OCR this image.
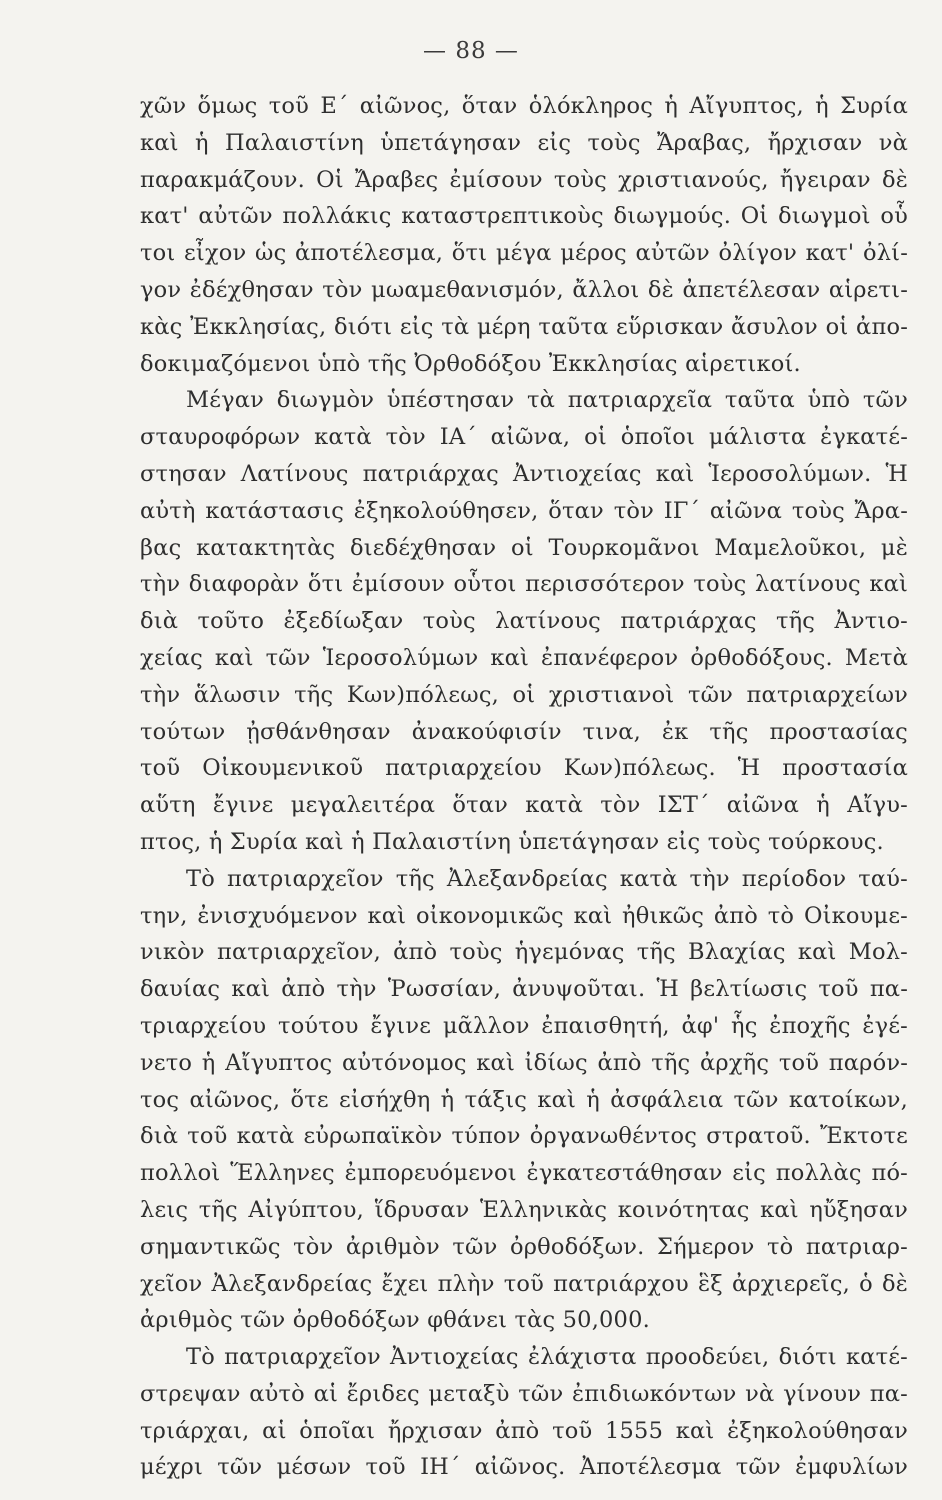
— 88 —
χῶν ὅμως τοῦ Ε΄ αἰῶνος, ὅταν ὁλόκληρος ἡ Αἴγυπτος, ἡ Συρία
καὶ ἡ Παλαιστίνη ὑπετάγησαν εἰς τοὺς Ἄραβας, ἤρχισαν νὰ
παρακμάζουν. Οἱ Ἄραβες ἐμίσουν τοὺς χριστιανούς, ἤγειραν δὲ
κατ' αὐτῶν πολλάκις καταστρεπτικοὺς διωγμούς. Οἱ διωγμοὶ οὗ
τοι εἶχον ὡς ἀποτέλεσμα, ὅτι μέγα μέρος αὐτῶν ὀλίγον κατ' ὀλί-
γον ἐδέχθησαν τὸν μωαμεθανισμόν, ἄλλοι δὲ ἀπετέλεσαν αἱρετι-
κὰς Ἐκκλησίας, διότι εἰς τὰ μέρη ταῦτα εὕρισκαν ἄσυλον οἱ ἀπο-
δοκιμαζόμενοι ὑπὸ τῆς Ὀρθοδόξου Ἐκκλησίας αἱρετικοί.
Μέγαν διωγμὸν ὑπέστησαν τὰ πατριαρχεῖα ταῦτα ὑπὸ τῶν
σταυροφόρων κατὰ τὸν ΙΑ΄ αἰῶνα, οἱ ὁποῖοι μάλιστα ἐγκατέ-
στησαν Λατίνους πατριάρχας Ἀντιοχείας καὶ Ἱεροσολύμων. Ἡ
αὐτὴ κατάστασις ἐξηκολούθησεν, ὅταν τὸν ΙΓ΄ αἰῶνα τοὺς Ἄρα-
βας κατακτητὰς διεδέχθησαν οἱ Τουρκομᾶνοι Μαμελοῦκοι, μὲ
τὴν διαφορὰν ὅτι ἐμίσουν οὗτοι περισσότερον τοὺς λατίνους καὶ
διὰ τοῦτο ἐξεδίωξαν τοὺς λατίνους πατριάρχας τῆς Ἀντιο-
χείας καὶ τῶν Ἱεροσολύμων καὶ ἐπανέφερον ὀρθοδόξους. Μετὰ
τὴν ἅλωσιν τῆς Κων)πόλεως, οἱ χριστιανοὶ τῶν πατριαρχείων
τούτων ᾐσθάνθησαν ἀνακούφισίν τινα, ἐκ τῆς προστασίας
τοῦ Οἰκουμενικοῦ πατριαρχείου Κων)πόλεως. Ἡ προστασία
αὕτη ἔγινε μεγαλειτέρα ὅταν κατὰ τὸν ΙΣΤ΄ αἰῶνα ἡ Αἴγυ-
πτος, ἡ Συρία καὶ ἡ Παλαιστίνη ὑπετάγησαν εἰς τοὺς τούρκους.
Τὸ πατριαρχεῖον τῆς Ἀλεξανδρείας κατὰ τὴν περίοδον ταύ-
την, ἐνισχυόμενον καὶ οἰκονομικῶς καὶ ἠθικῶς ἀπὸ τὸ Οἰκουμε-
νικὸν πατριαρχεῖον, ἀπὸ τοὺς ἡγεμόνας τῆς Βλαχίας καὶ Μολ-
δαυίας καὶ ἀπὸ τὴν Ῥωσσίαν, ἀνυψοῦται. Ἡ βελτίωσις τοῦ πα-
τριαρχείου τούτου ἔγινε μᾶλλον ἐπαισθητή, ἀφ' ἧς ἐποχῆς ἐγέ-
νετο ἡ Αἴγυπτος αὐτόνομος καὶ ἰδίως ἀπὸ τῆς ἀρχῆς τοῦ παρόν-
τος αἰῶνος, ὅτε εἰσήχθη ἡ τάξις καὶ ἡ ἀσφάλεια τῶν κατοίκων,
διὰ τοῦ κατὰ εὐρωπαϊκὸν τύπον ὀργανωθέντος στρατοῦ. Ἔκτοτε
πολλοὶ Ἕλληνες ἐμπορευόμενοι ἐγκατεστάθησαν εἰς πολλὰς πό-
λεις τῆς Αἰγύπτου, ἵδρυσαν Ἑλληνικὰς κοινότητας καὶ ηὔξησαν
σημαντικῶς τὸν ἀριθμὸν τῶν ὀρθοδόξων. Σήμερον τὸ πατριαρ-
χεῖον Ἀλεξανδρείας ἔχει πλὴν τοῦ πατριάρχου ἓξ ἀρχιερεῖς, ὁ δὲ
ἀριθμὸς τῶν ὀρθοδόξων φθάνει τὰς 50,000.
Τὸ πατριαρχεῖον Ἀντιοχείας ἐλάχιστα προοδεύει, διότι κατέ-
στρεψαν αὐτὸ αἱ ἔριδες μεταξὺ τῶν ἐπιδιωκόντων νὰ γίνουν πα-
τριάρχαι, αἱ ὁποῖαι ἤρχισαν ἀπὸ τοῦ 1555 καὶ ἐξηκολούθησαν
μέχρι τῶν μέσων τοῦ ΙΗ΄ αἰῶνος. Ἀποτέλεσμα τῶν ἐμφυλίων
